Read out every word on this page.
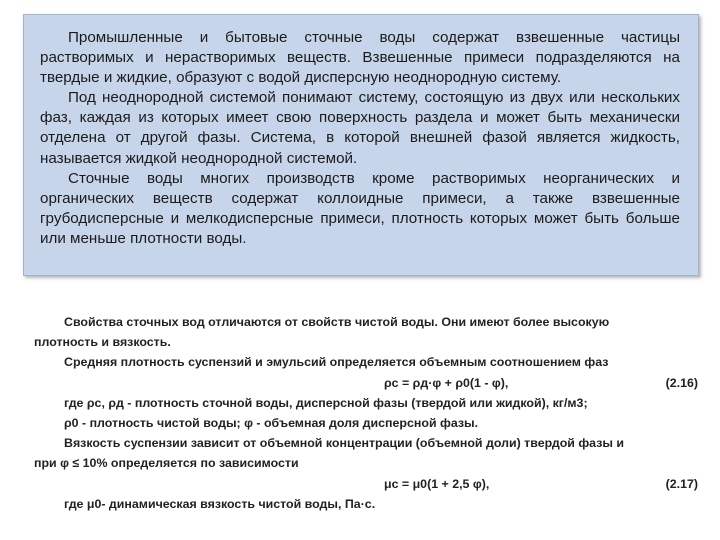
Промышленные и бытовые сточные воды содержат взвешенные частицы растворимых и нерастворимых веществ. Взвешенные примеси подразделяются на твердые и жидкие, образуют с водой дисперсную неоднородную систему.

Под неоднородной системой понимают систему, состоящую из двух или нескольких фаз, каждая из которых имеет свою поверхность раздела и может быть механически отделена от другой фазы. Система, в которой внешней фазой является жидкость, называется жидкой неоднородной системой.

Сточные воды многих производств кроме растворимых неорганических и органических веществ содержат коллоидные примеси, а также взвешенные грубодисперсные и мелкодисперсные примеси, плотность которых может быть больше или меньше плотности воды.

Свойства сточных вод отличаются от свойств чистой воды. Они имеют более высокую

плотность и вязкость.

Средняя плотность суспензий и эмульсий определяется объемным соотношением фаз

ρс = ρд·φ + ρ0(1 - φ),	(2.16)

где ρс, ρд - плотность сточной воды, дисперсной фазы (твердой или жидкой), кг/м3;

ρ0 - плотность чистой воды; φ - объемная доля дисперсной фазы.

Вязкость суспензии зависит от объемной концентрации (объемной доли) твердой фазы и

при φ ≤ 10% определяется по зависимости

μс = μ0(1 + 2,5 φ),	(2.17)

где μ0- динамическая вязкость чистой воды, Па·с.
